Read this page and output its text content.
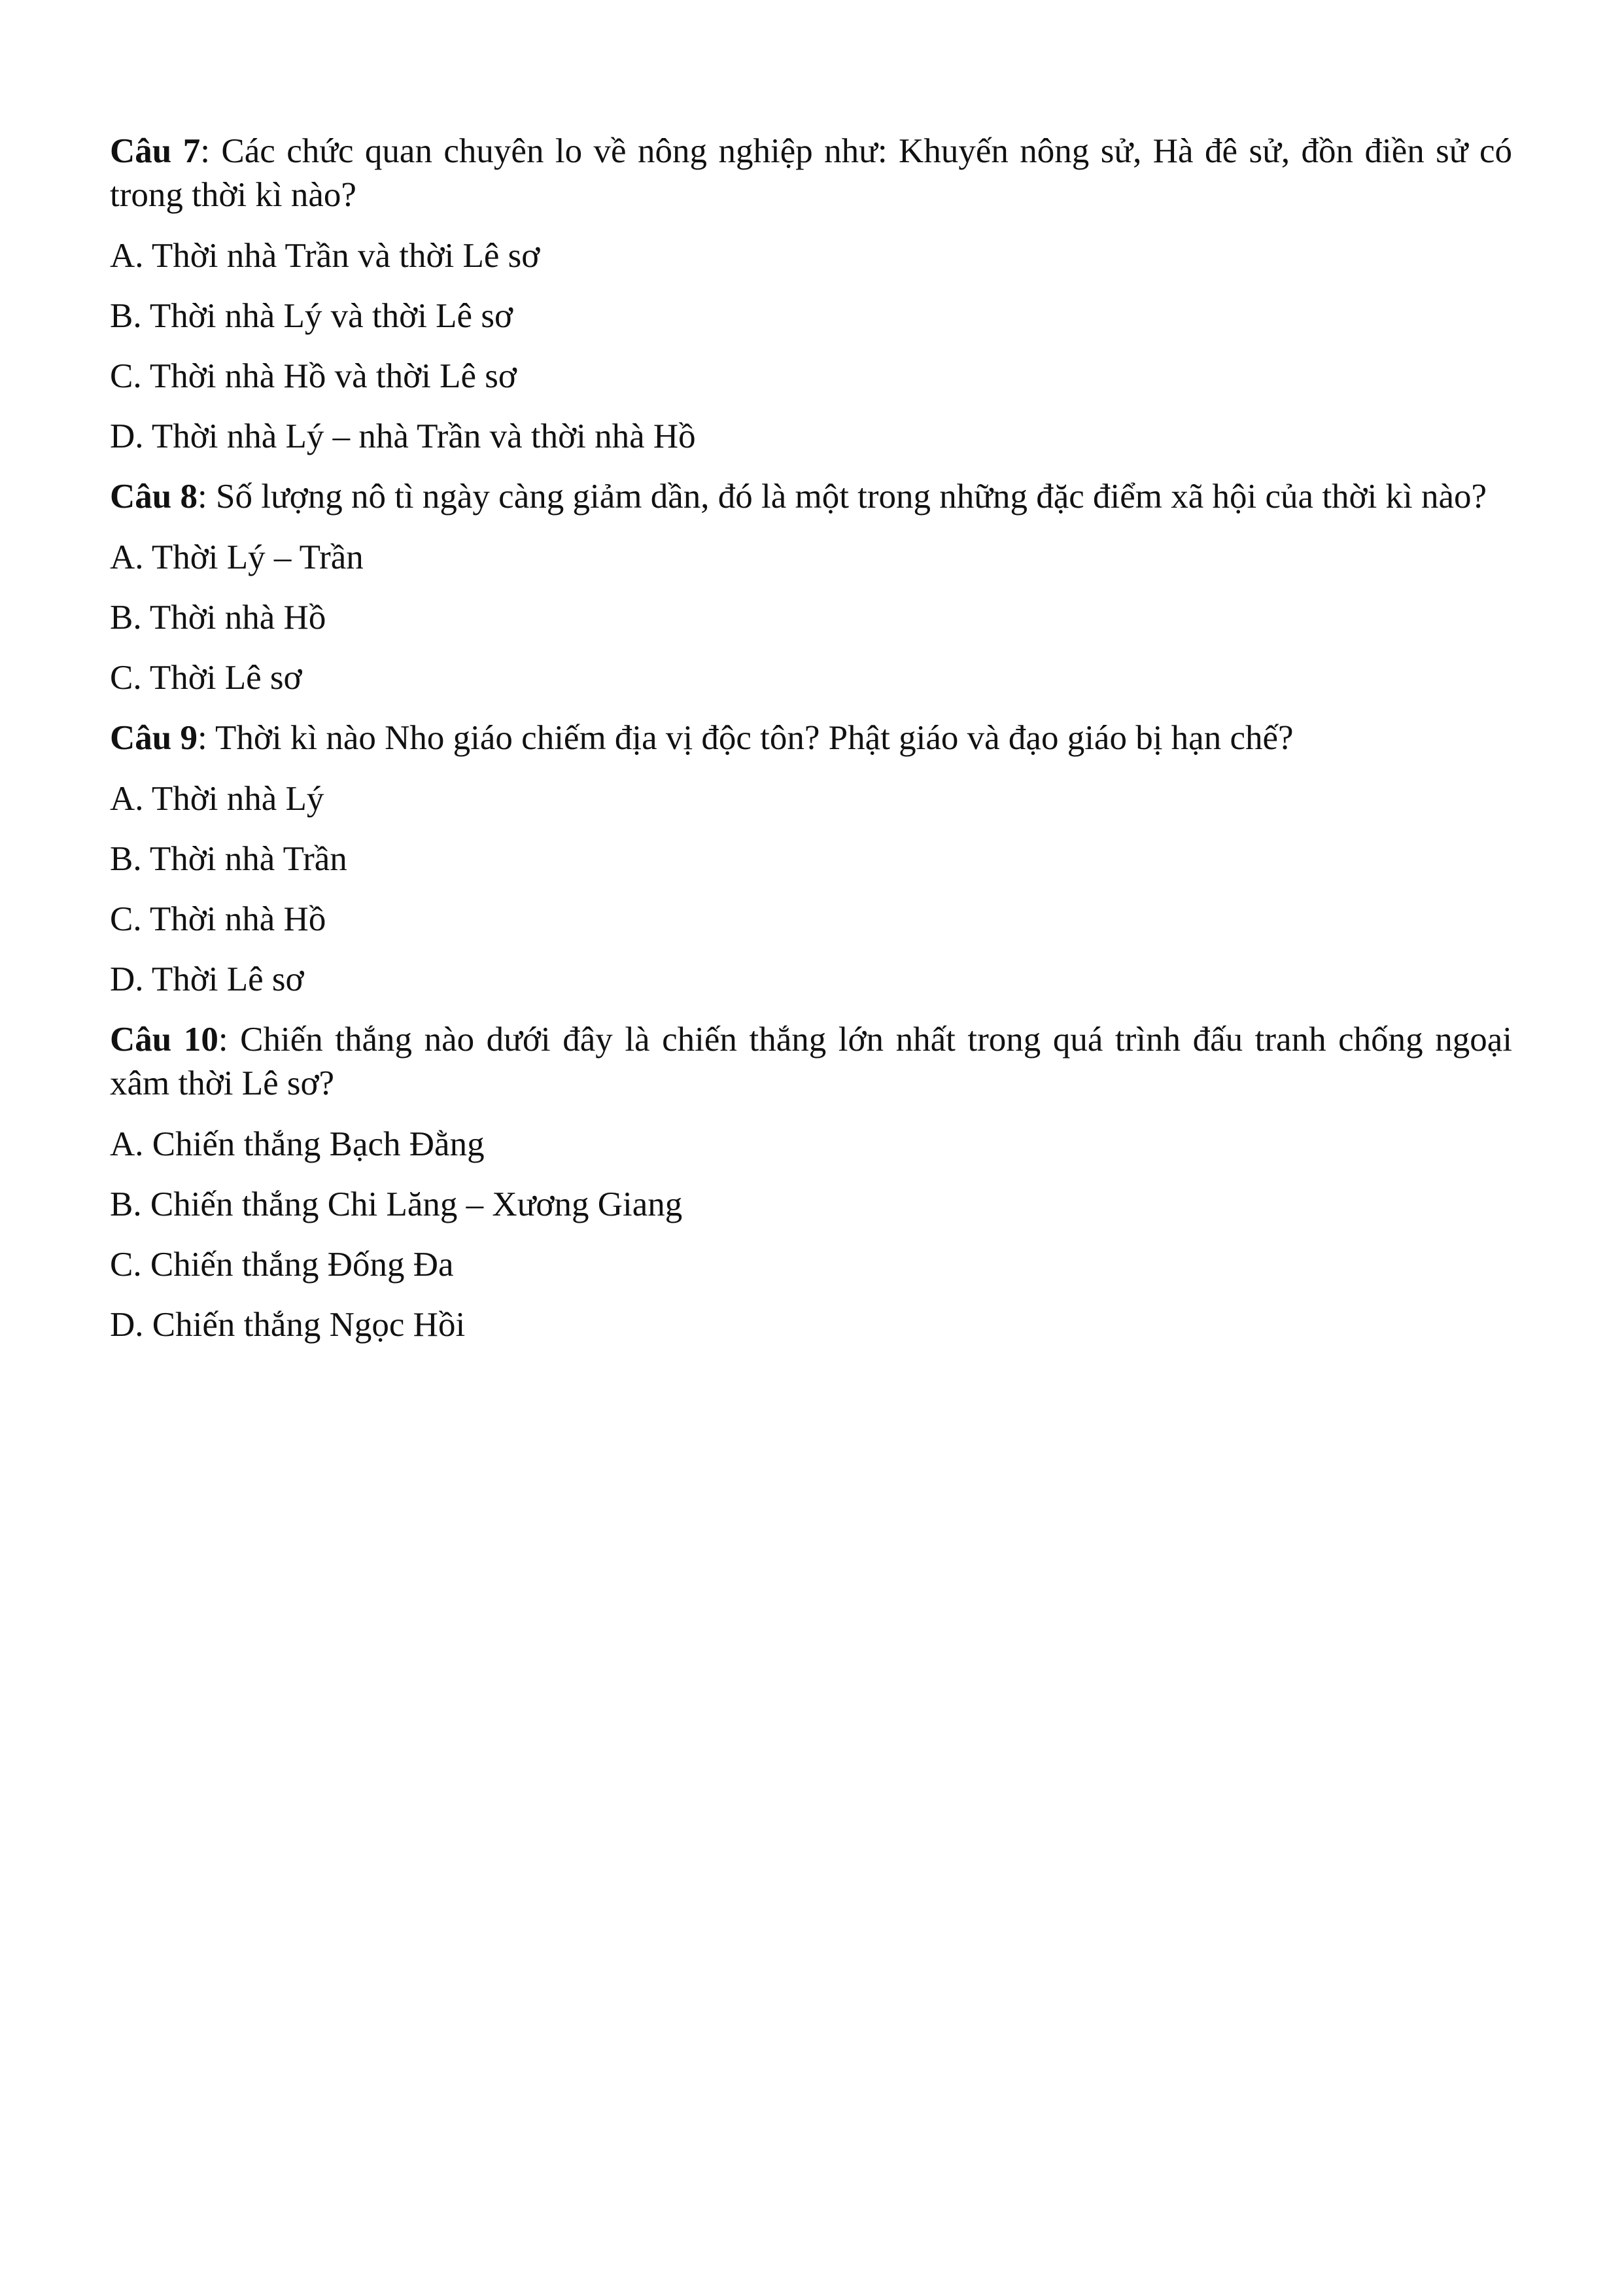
Câu 7: Các chức quan chuyên lo về nông nghiệp như: Khuyến nông sử, Hà đê sử, đồn điền sử có trong thời kì nào?

A. Thời nhà Trần và thời Lê sơ

B. Thời nhà Lý và thời Lê sơ

C. Thời nhà Hồ và thời Lê sơ

D. Thời nhà Lý – nhà Trần và thời nhà Hồ

Câu 8: Số lượng nô tì ngày càng giảm dần, đó là một trong những đặc điểm xã hội của thời kì nào?

A. Thời Lý – Trần

B. Thời nhà Hồ

C. Thời Lê sơ

Câu 9: Thời kì nào Nho giáo chiếm địa vị độc tôn? Phật giáo và đạo giáo bị hạn chế?

A. Thời nhà Lý

B. Thời nhà Trần

C. Thời nhà Hồ

D. Thời Lê sơ

Câu 10: Chiến thắng nào dưới đây là chiến thắng lớn nhất trong quá trình đấu tranh chống ngoại xâm thời Lê sơ?

A. Chiến thắng Bạch Đằng

B. Chiến thắng Chi Lăng – Xương Giang

C. Chiến thắng Đống Đa

D. Chiến thắng Ngọc Hồi
